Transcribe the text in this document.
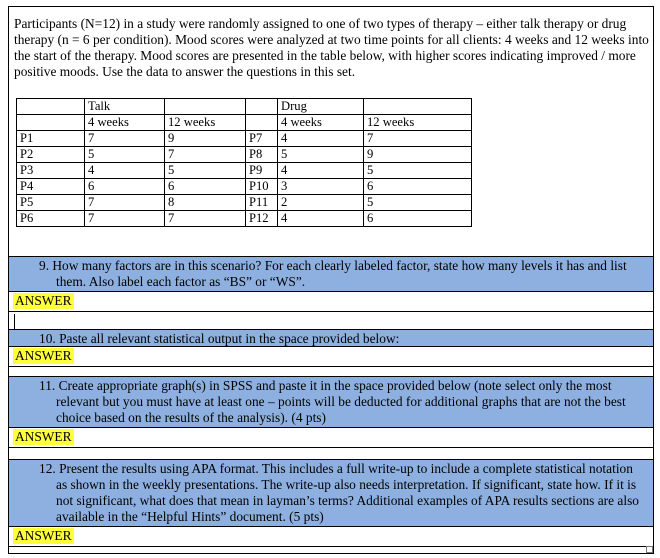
Participants (N=12) in a study were randomly assigned to one of two types of therapy – either talk therapy or drug therapy (n = 6 per condition). Mood scores were analyzed at two time points for all clients: 4 weeks and 12 weeks into the start of the therapy. Mood scores are presented in the table below, with higher scores indicating improved / more positive moods. Use the data to answer the questions in this set.
	Talk			Drug	
	4 weeks	12 weeks		4 weeks	12 weeks
P1	7	9	P7	4	7
P2	5	7	P8	5	9
P3	4	5	P9	4	5
P4	6	6	P10	3	6
P5	7	8	P11	2	5
P6	7	7	P12	4	6
9. How many factors are in this scenario? For each clearly labeled factor, state how many levels it has and list them. Also label each factor as “BS” or “WS”.
ANSWER
10. Paste all relevant statistical output in the space provided below:
ANSWER
11. Create appropriate graph(s) in SPSS and paste it in the space provided below (note select only the most relevant but you must have at least one – points will be deducted for additional graphs that are not the best choice based on the results of the analysis). (4 pts)
ANSWER
12. Present the results using APA format. This includes a full write-up to include a complete statistical notation as shown in the weekly presentations. The write-up also needs interpretation. If significant, state how. If it is not significant, what does that mean in layman’s terms? Additional examples of APA results sections are also available in the “Helpful Hints” document. (5 pts)
ANSWER
